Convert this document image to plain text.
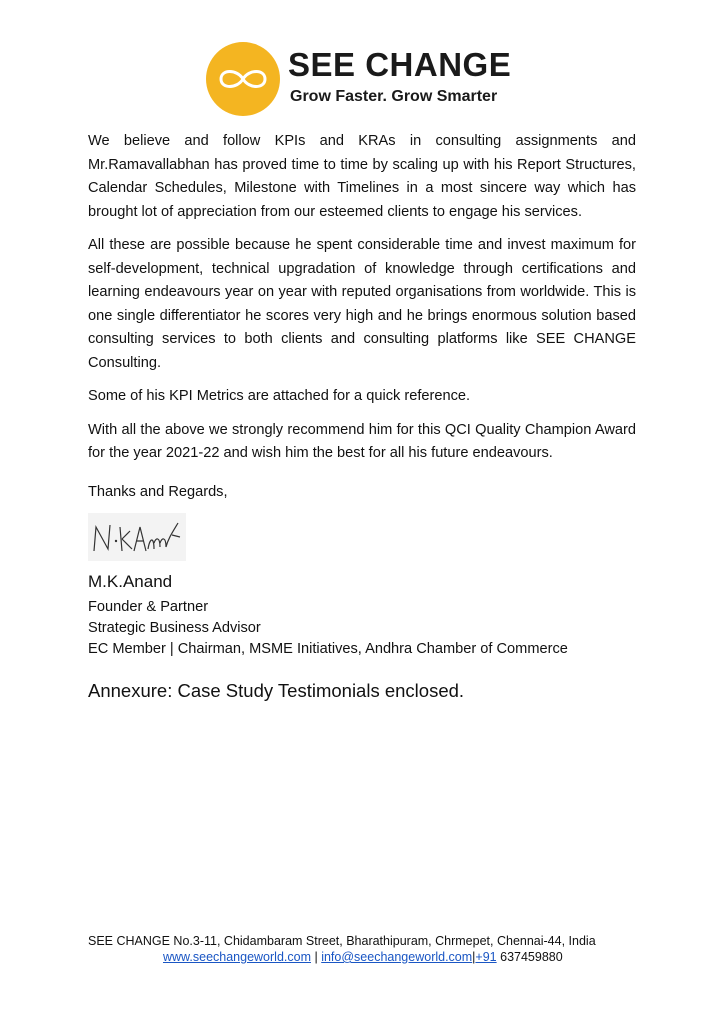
SEE CHANGE
Grow Faster. Grow Smarter

We believe and follow KPIs and KRAs in consulting assignments and Mr.Ramavallabhan has proved time to time by scaling up with his Report Structures, Calendar Schedules, Milestone with Timelines in a most sincere way which has brought lot of appreciation from our esteemed clients to engage his services.

All these are possible because he spent considerable time and invest maximum for self-development, technical upgradation of knowledge through certifications and learning endeavours year on year with reputed organisations from worldwide. This is one single differentiator he scores very high and he brings enormous solution based consulting services to both clients and consulting platforms like SEE CHANGE Consulting.

Some of his KPI Metrics are attached for a quick reference.

With all the above we strongly recommend him for this QCI Quality Champion Award for the year 2021-22 and wish him the best for all his future endeavours.

Thanks and Regards,
M.K.Anand
Founder & Partner
Strategic Business Advisor
EC Member | Chairman, MSME Initiatives, Andhra Chamber of Commerce
Annexure: Case Study Testimonials enclosed.
SEE CHANGE No.3-11, Chidambaram Street, Bharathipuram, Chrmepet, Chennai-44, India
www.seechangeworld.com | info@seechangeworld.com|+91 637459880
